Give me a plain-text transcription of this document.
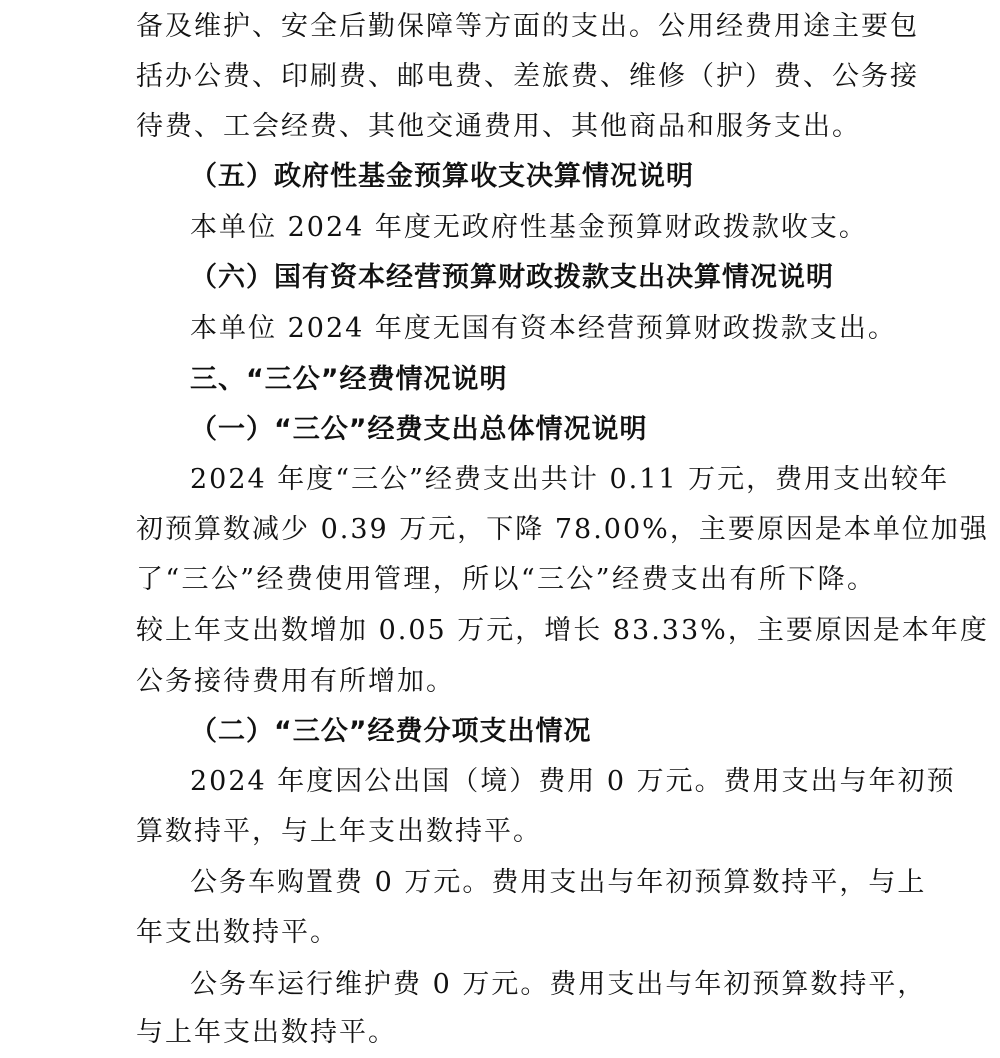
备及维护、安全后勤保障等方面的支出。公用经费用途主要包
括办公费、印刷费、邮电费、差旅费、维修（护）费、公务接
待费、工会经费、其他交通费用、其他商品和服务支出。
（五）政府性基金预算收支决算情况说明
本单位 2024 年度无政府性基金预算财政拨款收支。
（六）国有资本经营预算财政拨款支出决算情况说明
本单位 2024 年度无国有资本经营预算财政拨款支出。
三、“三公”经费情况说明
（一）“三公”经费支出总体情况说明
2024 年度“三公”经费支出共计 0.11 万元，费用支出较年
初预算数减少 0.39 万元，下降 78.00%，主要原因是本单位加强
了“三公”经费使用管理，所以“三公”经费支出有所下降。
较上年支出数增加 0.05 万元，增长 83.33%，主要原因是本年度
公务接待费用有所增加。
（二）“三公”经费分项支出情况
2024 年度因公出国（境）费用 0 万元。费用支出与年初预
算数持平，与上年支出数持平。
公务车购置费 0 万元。费用支出与年初预算数持平，与上
年支出数持平。
公务车运行维护费 0 万元。费用支出与年初预算数持平，
与上年支出数持平。
